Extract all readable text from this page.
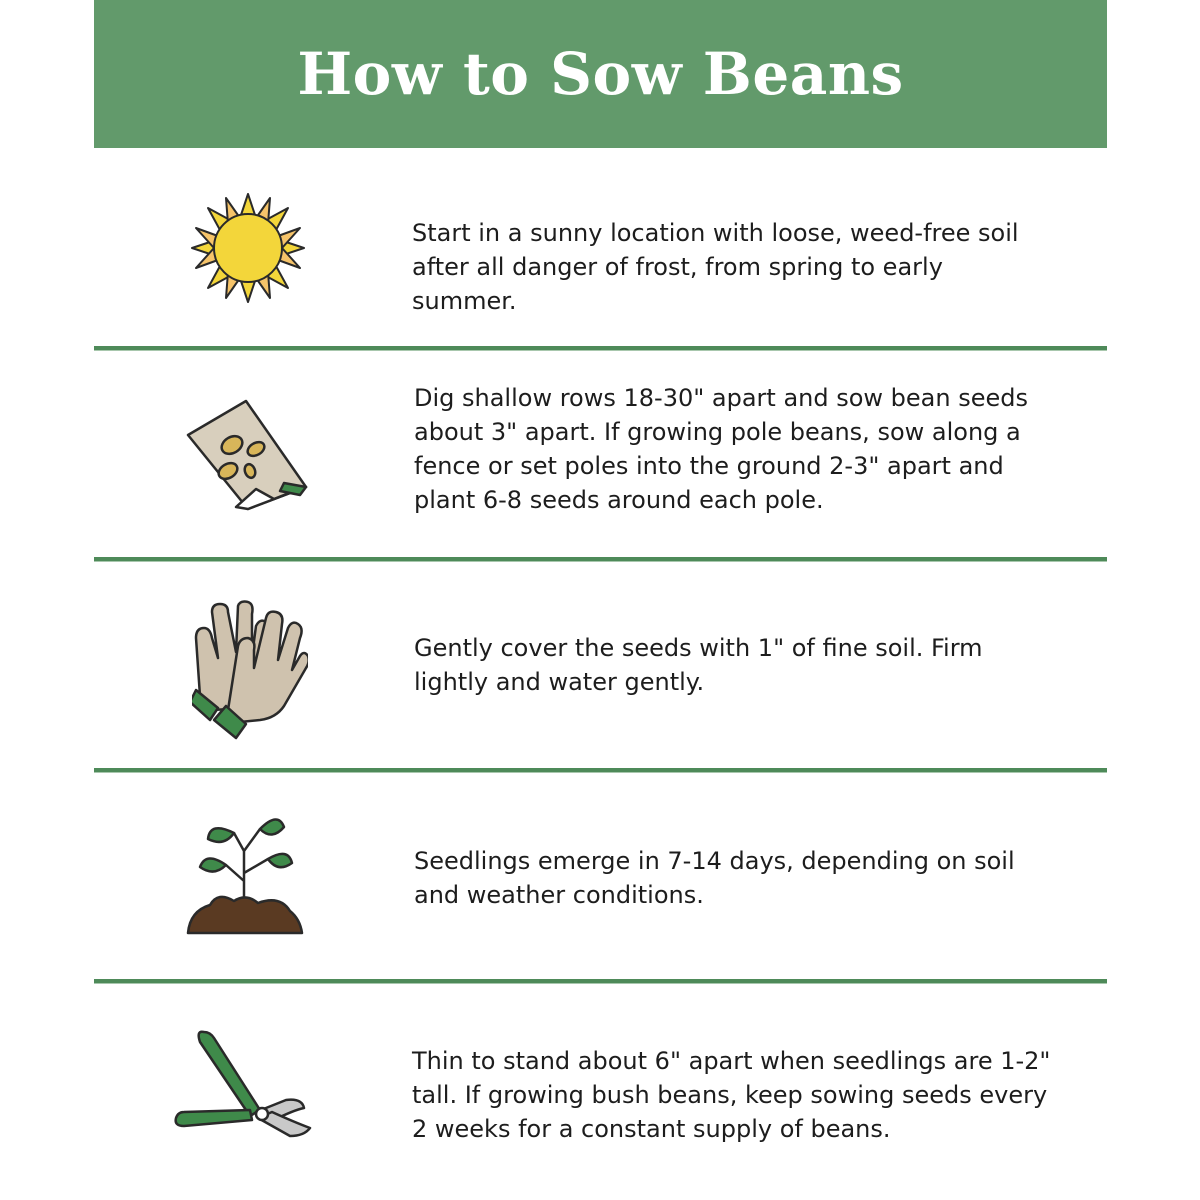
How to Sow Beans

Start in a sunny location with loose, weed-free soil after all danger of frost, from spring to early summer.

Dig shallow rows 18-30" apart and sow bean seeds about 3" apart. If growing pole beans, sow along a fence or set poles into the ground 2-3" apart and plant 6-8 seeds around each pole.

Gently cover the seeds with 1" of fine soil. Firm lightly and water gently.

Seedlings emerge in 7-14 days, depending on soil and weather conditions.

Thin to stand about 6" apart when seedlings are 1-2" tall. If growing bush beans, keep sowing seeds every 2 weeks for a constant supply of beans.
